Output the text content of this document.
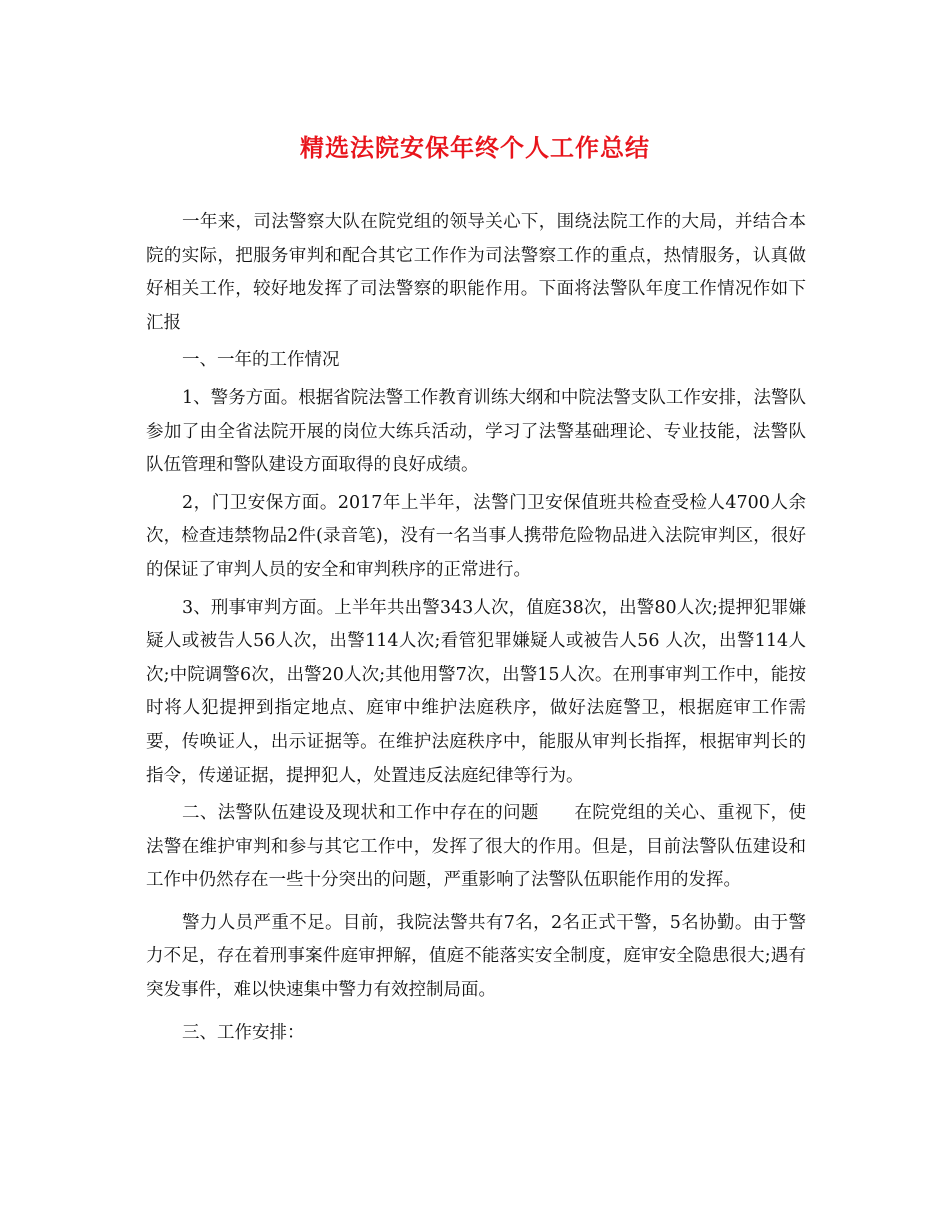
精选法院安保年终个人工作总结

一年来，司法警察大队在院党组的领导关心下，围绕法院工作的大局，并结合本院的实际，把服务审判和配合其它工作作为司法警察工作的重点，热情服务，认真做好相关工作，较好地发挥了司法警察的职能作用。下面将法警队年度工作情况作如下汇报

一、一年的工作情况

1、警务方面。根据省院法警工作教育训练大纲和中院法警支队工作安排，法警队参加了由全省法院开展的岗位大练兵活动，学习了法警基础理论、专业技能，法警队队伍管理和警队建设方面取得的良好成绩。

2，门卫安保方面。2017年上半年，法警门卫安保值班共检查受检人4700人余次，检查违禁物品2件(录音笔)，没有一名当事人携带危险物品进入法院审判区，很好的保证了审判人员的安全和审判秩序的正常进行。

3、刑事审判方面。上半年共出警343人次，值庭38次，出警80人次;提押犯罪嫌疑人或被告人56人次，出警114人次;看管犯罪嫌疑人或被告人56 人次，出警114人次;中院调警6次，出警20人次;其他用警7次，出警15人次。在刑事审判工作中，能按时将人犯提押到指定地点、庭审中维护法庭秩序，做好法庭警卫，根据庭审工作需要，传唤证人，出示证据等。在维护法庭秩序中，能服从审判长指挥，根据审判长的指令，传递证据，提押犯人，处置违反法庭纪律等行为。

二、法警队伍建设及现状和工作中存在的问题　　在院党组的关心、重视下，使法警在维护审判和参与其它工作中，发挥了很大的作用。但是，目前法警队伍建设和工作中仍然存在一些十分突出的问题，严重影响了法警队伍职能作用的发挥。

警力人员严重不足。目前，我院法警共有7名，2名正式干警，5名协勤。由于警力不足，存在着刑事案件庭审押解，值庭不能落实安全制度，庭审安全隐患很大;遇有突发事件，难以快速集中警力有效控制局面。

三、工作安排：
